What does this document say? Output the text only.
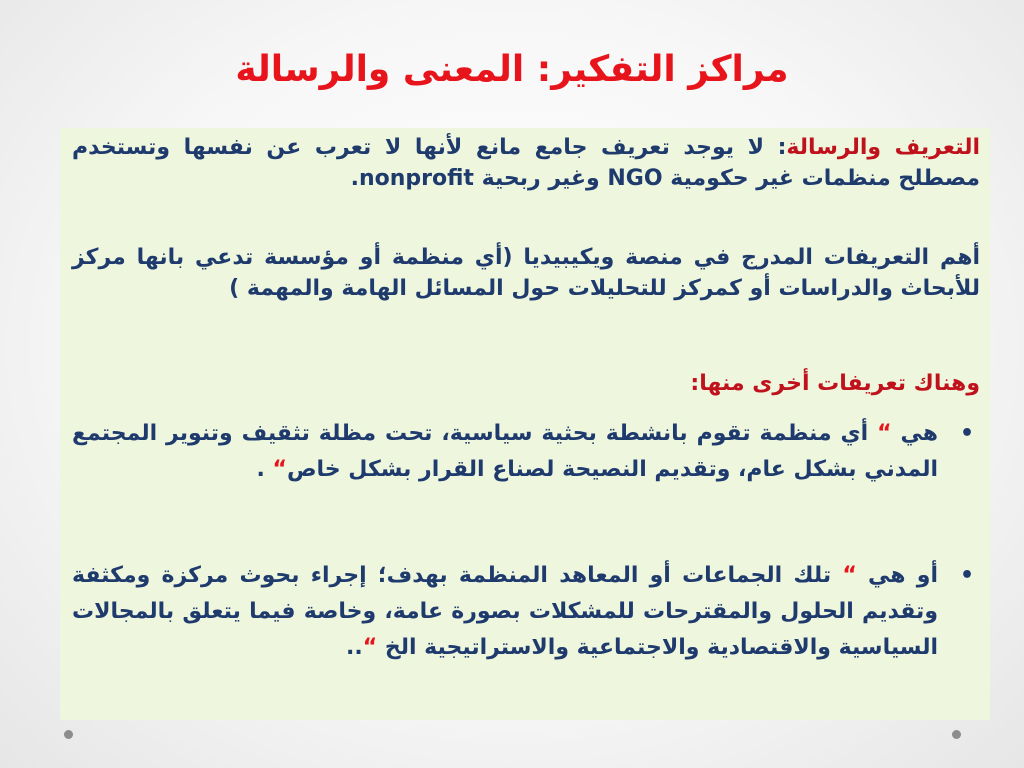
مراكز التفكير: المعنى والرسالة

التعريف والرسالة: لا يوجد تعريف جامع مانع لأنها لا تعرب عن نفسها وتستخدم مصطلح منظمات غير حكومية NGO وغير ربحية nonprofit.

أهم التعريفات المدرج في منصة ويكيبيديا (أي منظمة أو مؤسسة تدعي بانها مركز للأبحاث والدراسات أو كمركز للتحليلات حول المسائل الهامة والمهمة )

وهناك تعريفات أخرى منها:
•
هي “ أي منظمة تقوم بانشطة بحثية سياسية، تحت مظلة تثقيف وتنوير المجتمع المدني بشكل عام، وتقديم النصيحة لصناع القرار بشكل خاص“ .
•
أو هي “ تلك الجماعات أو المعاهد المنظمة بهدف؛ إجراء بحوث مركزة ومكثفة وتقديم الحلول والمقترحات للمشكلات بصورة عامة، وخاصة فيما يتعلق بالمجالات السياسية والاقتصادية والاجتماعية والاستراتيجية الخ “..
